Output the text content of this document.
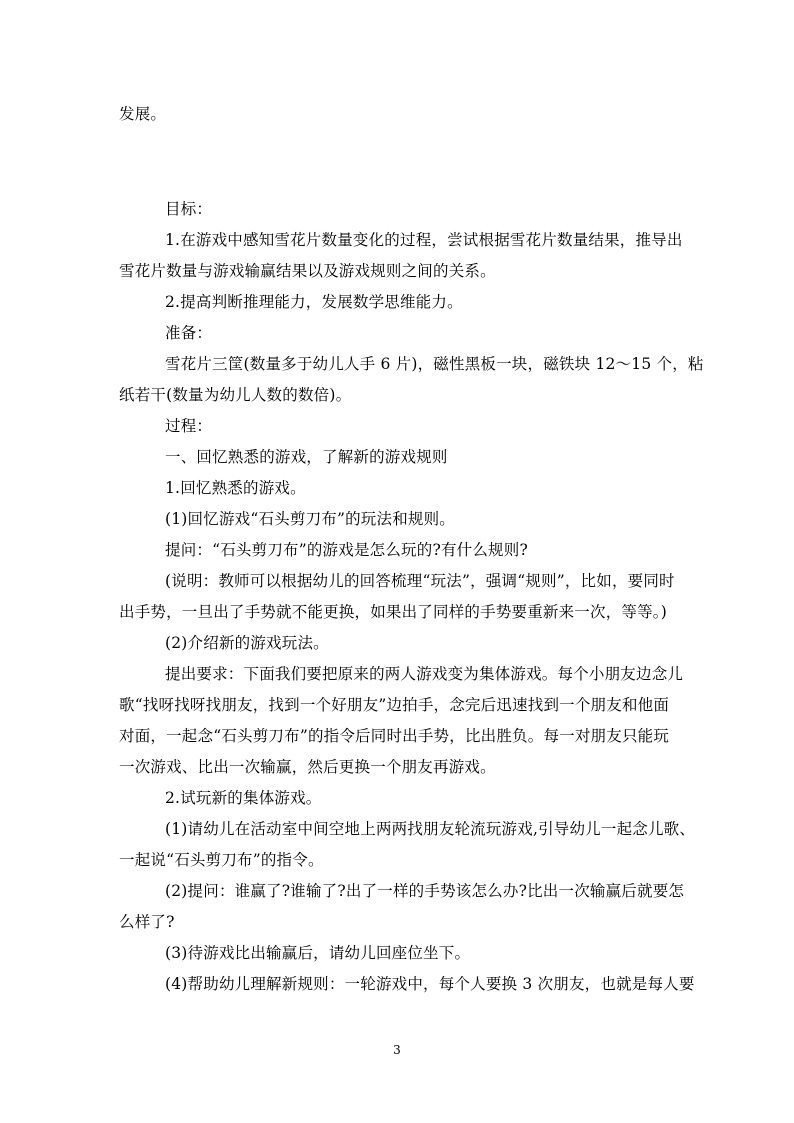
发展。
目标：
1.在游戏中感知雪花片数量变化的过程，尝试根据雪花片数量结果，推导出
雪花片数量与游戏输赢结果以及游戏规则之间的关系。
2.提高判断推理能力，发展数学思维能力。
准备：
雪花片三筐(数量多于幼儿人手 6 片)，磁性黑板一块，磁铁块 12～15 个，粘
纸若干(数量为幼儿人数的数倍)。
过程：
一、回忆熟悉的游戏，了解新的游戏规则
1.回忆熟悉的游戏。
(1)回忆游戏“石头剪刀布”的玩法和规则。
提问：“石头剪刀布”的游戏是怎么玩的?有什么规则?
(说明：教师可以根据幼儿的回答梳理“玩法”，强调“规则”，比如，要同时
出手势，一旦出了手势就不能更换，如果出了同样的手势要重新来一次，等等。)
(2)介绍新的游戏玩法。
提出要求：下面我们要把原来的两人游戏变为集体游戏。每个小朋友边念儿
歌“找呀找呀找朋友，找到一个好朋友”边拍手，念完后迅速找到一个朋友和他面
对面，一起念“石头剪刀布”的指令后同时出手势，比出胜负。每一对朋友只能玩
一次游戏、比出一次输赢，然后更换一个朋友再游戏。
2.试玩新的集体游戏。
(1)请幼儿在活动室中间空地上两两找朋友轮流玩游戏,引导幼儿一起念儿歌、
一起说“石头剪刀布”的指令。
(2)提问：谁赢了?谁输了?出了一样的手势该怎么办?比出一次输赢后就要怎
么样了?
(3)待游戏比出输赢后，请幼儿回座位坐下。
(4)帮助幼儿理解新规则：一轮游戏中，每个人要换 3 次朋友，也就是每人要
3
